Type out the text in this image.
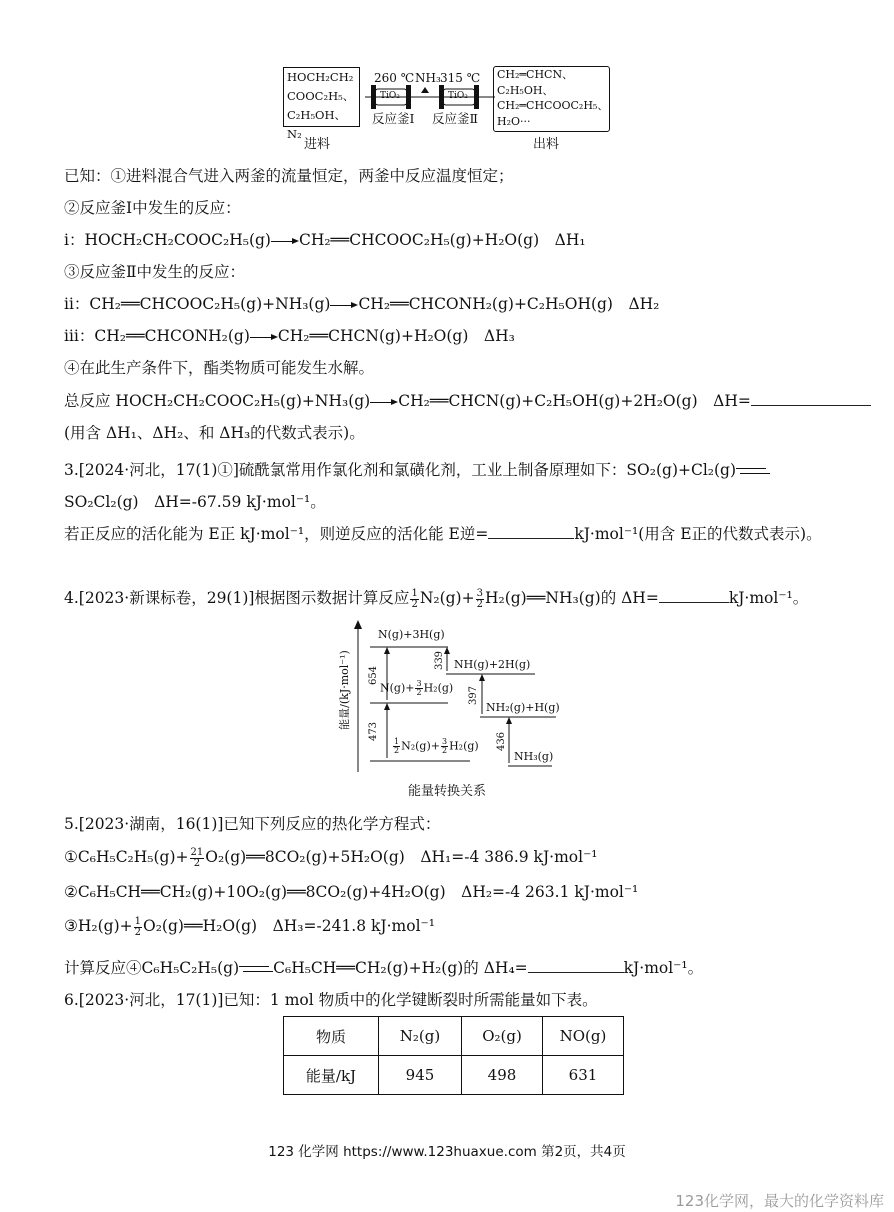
HOCH₂CH₂
COOC₂H₅、
C₂H₅OH、N₂
260 ℃ NH₃ 315 ℃
TiO₂	TiO₂
反应釜Ⅰ 反应釜Ⅱ
CH₂═CHCN、
C₂H₅OH、
CH₂═CHCOOC₂H₅、
H₂O···
进料	出料
已知：①进料混合气进入两釜的流量恒定，两釜中反应温度恒定；
②反应釜Ⅰ中发生的反应：
ⅰ：HOCH₂CH₂COOC₂H₅(g) CH₂══CHCOOC₂H₅(g)+H₂O(g)　ΔH₁
③反应釜Ⅱ中发生的反应：
ⅱ：CH₂══CHCOOC₂H₅(g)+NH₃(g) CH₂══CHCONH₂(g)+C₂H₅OH(g)　ΔH₂
ⅲ：CH₂══CHCONH₂(g) CH₂══CHCN(g)+H₂O(g)　ΔH₃
④在此生产条件下，酯类物质可能发生水解。
总反应 HOCH₂CH₂COOC₂H₅(g)+NH₃(g) CH₂══CHCN(g)+C₂H₅OH(g)+2H₂O(g)　ΔH=
(用含 ΔH₁、ΔH₂、和 ΔH₃的代数式表示)。
3.[2024·河北，17(1)①]硫酰氯常用作氯化剂和氯磺化剂，工业上制备原理如下：SO₂(g)+Cl₂(g)
SO₂Cl₂(g)　ΔH=-67.59 kJ·mol⁻¹。
若正反应的活化能为 E正 kJ·mol⁻¹，则逆反应的活化能 E逆=	kJ·mol⁻¹(用含 E正的代数式表示)。
4.[2023·新课标卷，29(1)]根据图示数据计算反应 $\frac{1}{2} N_2(g)+ \frac{3}{2}$ H₂(g)══NH₃(g)的 ΔH=	kJ·mol⁻¹。
能量/(kJ·mol⁻¹)
N(g)+3H(g)
NH(g)+2H(g)
$N(g)+ \frac{3}{2} H_2(g)$
NH₂(g)+H(g)
$\frac{1}{2} N_2(g)+ \frac{3}{2} H_2(g)$
NH₃(g)
654
473
339
397
436
能量转换关系
5.[2023·湖南，16(1)]已知下列反应的热化学方程式：
①C₆H₅C₂H₅(g)+ $\frac{21}{2}$ O₂(g)══8CO₂(g)+5H₂O(g)　ΔH₁=-4 386.9 kJ·mol⁻¹
②C₆H₅CH══CH₂(g)+10O₂(g)══8CO₂(g)+4H₂O(g)　ΔH₂=-4 263.1 kJ·mol⁻¹
③H₂(g)+ $\frac{1}{2}$ O₂(g)══H₂O(g)　ΔH₃=-241.8 kJ·mol⁻¹
计算反应④C₆H₅C₂H₅(g) C₆H₅CH══CH₂(g)+H₂(g)的 ΔH₄=	kJ·mol⁻¹。
6.[2023·河北，17(1)]已知：1 mol 物质中的化学键断裂时所需能量如下表。
物质	N₂(g)	O₂(g)	NO(g)
能量/kJ	945	498	631
123 化学网 https://www.123huaxue.com 第2页，共4页
123化学网，最大的化学资料库
